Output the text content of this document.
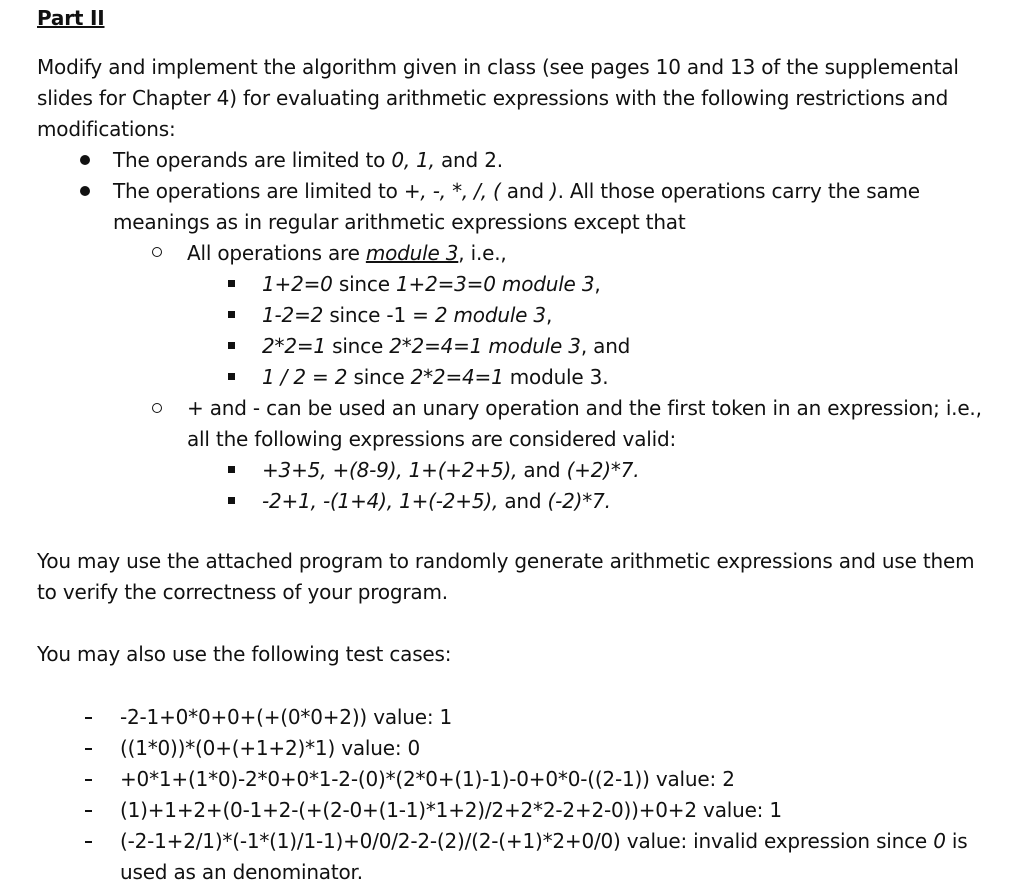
Part II
Modify and implement the algorithm given in class (see pages 10 and 13 of the supplemental
slides for Chapter 4) for evaluating arithmetic expressions with the following restrictions and
modifications:
The operands are limited to 0, 1, and 2.
The operations are limited to +, -, *, /, ( and ). All those operations carry the same
meanings as in regular arithmetic expressions except that
All operations are module 3, i.e.,
1+2=0 since 1+2=3=0 module 3,
1-2=2 since -1 = 2 module 3,
2*2=1 since 2*2=4=1 module 3, and
1 / 2 = 2 since 2*2=4=1 module 3.
+ and - can be used an unary operation and the first token in an expression; i.e.,
all the following expressions are considered valid:
+3+5, +(8-9), 1+(+2+5), and (+2)*7.
-2+1, -(1+4), 1+(-2+5), and (-2)*7.
You may use the attached program to randomly generate arithmetic expressions and use them
to verify the correctness of your program.
You may also use the following test cases:
-2-1+0*0+0+(+(0*0+2)) value: 1
((1*0))*(0+(+1+2)*1) value: 0
+0*1+(1*0)-2*0+0*1-2-(0)*(2*0+(1)-1)-0+0*0-((2-1)) value: 2
(1)+1+2+(0-1+2-(+(2-0+(1-1)*1+2)/2+2*2-2+2-0))+0+2 value: 1
(-2-1+2/1)*(-1*(1)/1-1)+0/0/2-2-(2)/(2-(+1)*2+0/0) value: invalid expression since 0 is
used as an denominator.
